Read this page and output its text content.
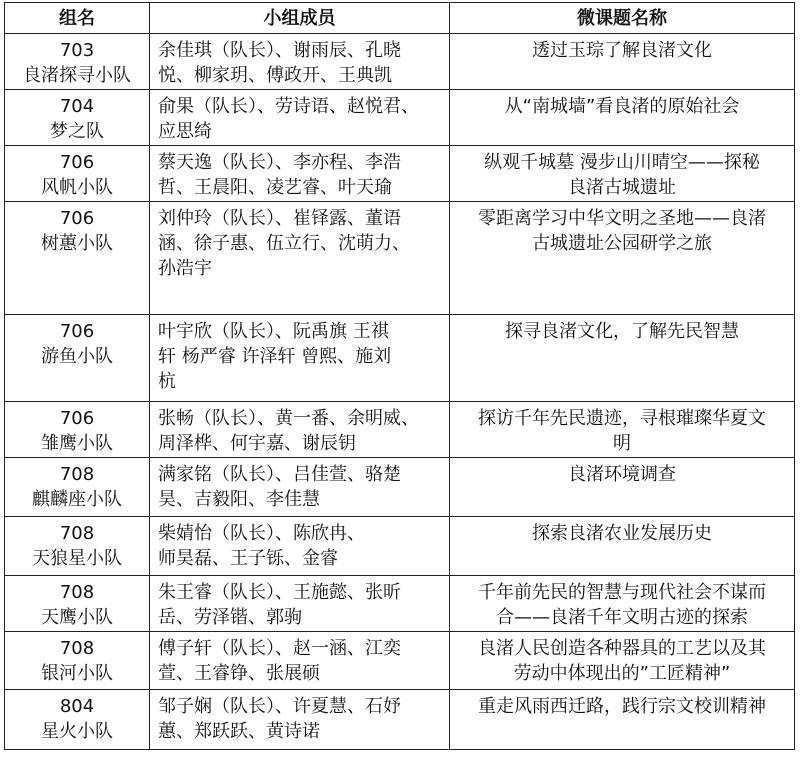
组名	小组成员	微课题名称

703
良渚探寻小队	余佳琪（队长）、谢雨辰、孔晓
悦、柳家玥、傅政开、王典凯	透过玉琮了解良渚文化

704
梦之队	俞果（队长）、劳诗语、赵悦君、
应思绮	从“南城墙”看良渚的原始社会

706
风帆小队	蔡天逸（队长）、李亦程、李浩
哲、王晨阳、凌艺睿、叶天瑜	纵观千城墓 漫步山川晴空——探秘
良渚古城遗址

706
树蕙小队	刘仲玲（队长）、崔铎露、董语
涵、徐子惠、伍立行、沈萌力、
孙浩宇	零距离学习中华文明之圣地——良渚
古城遗址公园研学之旅

706
游鱼小队	叶宇欣（队长）、阮禹旗 王祺
轩 杨严睿 许泽轩 曾熙、施刘
杭	探寻良渚文化，了解先民智慧

706
雏鹰小队	张畅（队长）、黄一番、余明威、
周泽桦、何宇嘉、谢辰钥	探访千年先民遗迹，寻根璀璨华夏文
明

708
麒麟座小队	满家铭（队长）、吕佳萱、骆楚
昊、吉毅阳、李佳慧	良渚环境调查

708
天狼星小队	柴婧怡（队长）、陈欣冉、
师昊磊、王子铄、金睿	探索良渚农业发展历史

708
天鹰小队	朱王睿（队长）、王施懿、张昕
岳、劳泽锴、郭驹	千年前先民的智慧与现代社会不谋而
合——良渚千年文明古迹的探索

708
银河小队	傅子轩（队长）、赵一涵、江奕
萱、王睿铮、张展硕	良渚人民创造各种器具的工艺以及其
劳动中体现出的”工匠精神”

804
星火小队	邹子娴（队长）、许夏慧、石妤
蕙、郑跃跃、黄诗诺	重走风雨西迁路，践行宗文校训精神
